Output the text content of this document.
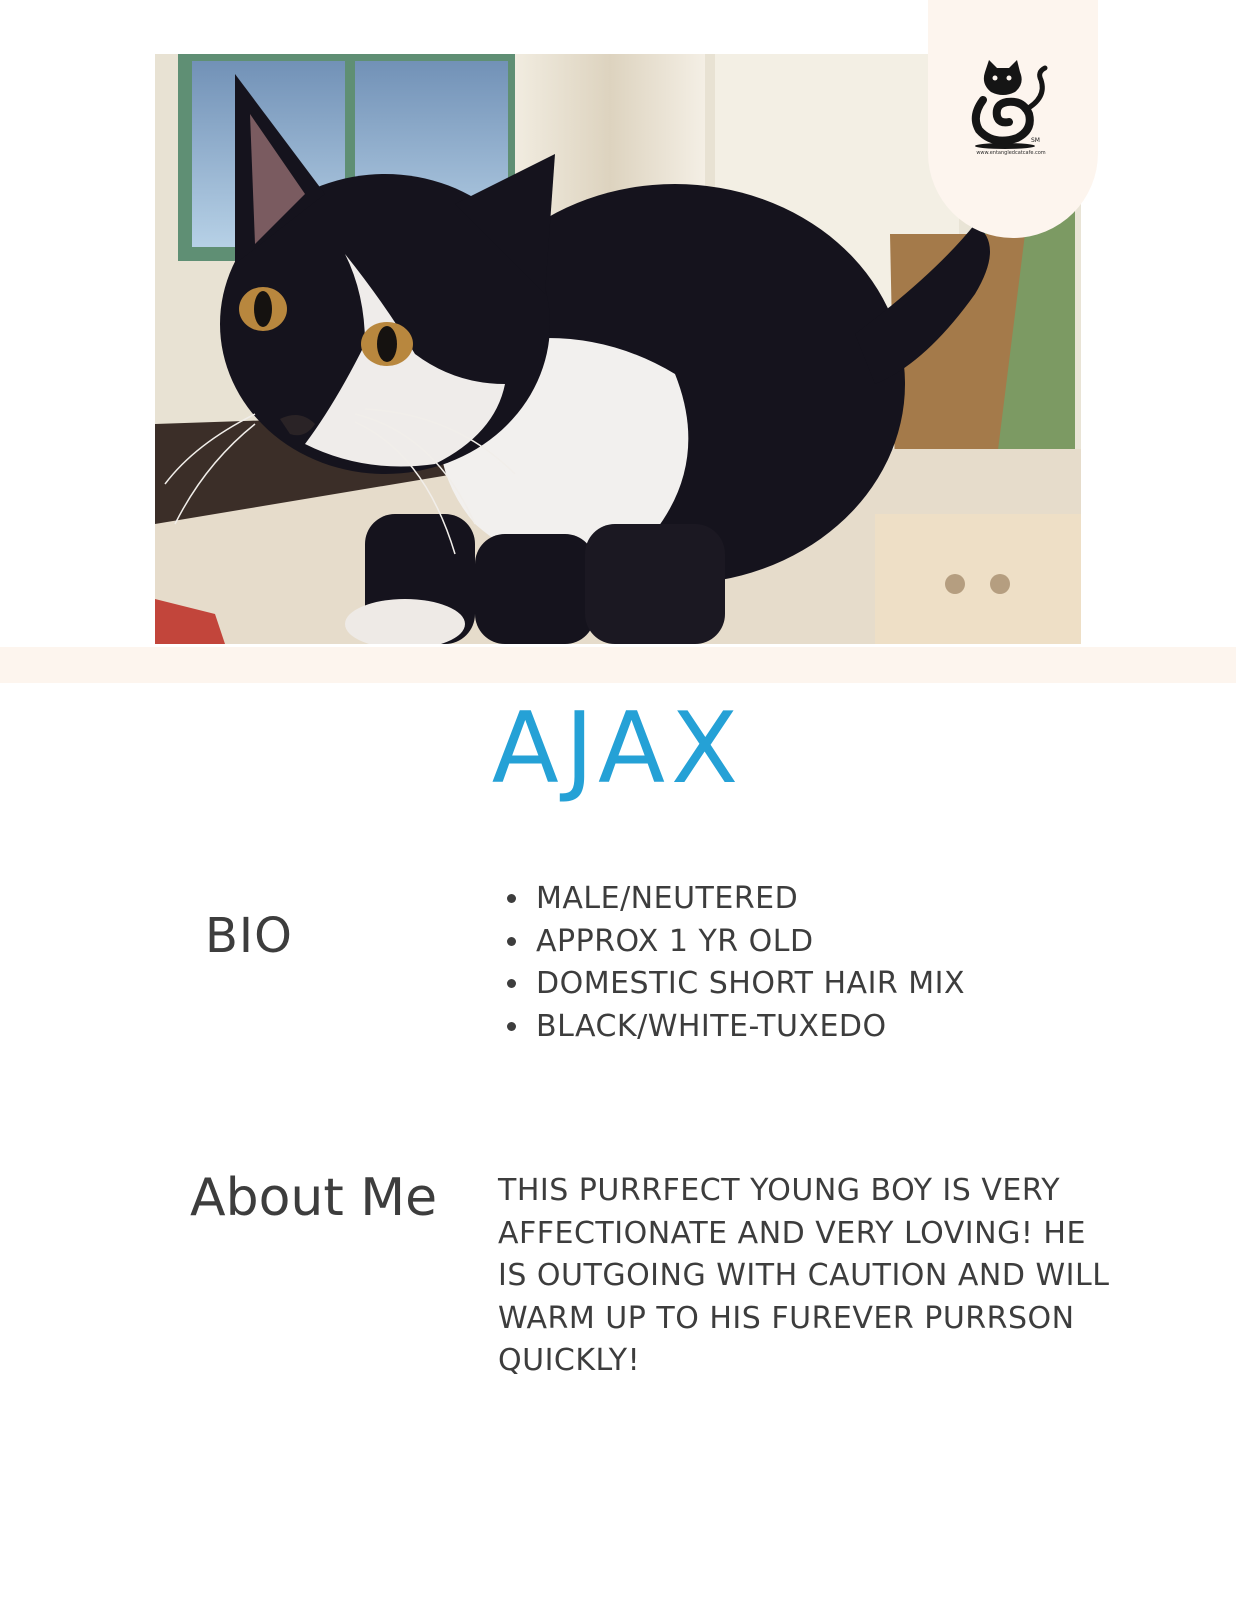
SM
www.entangledcatcafe.com
AJAX
BIO
• MALE/NEUTERED
• APPROX 1 YR OLD
• DOMESTIC SHORT HAIR MIX
• BLACK/WHITE-TUXEDO
About Me THIS PURRFECT YOUNG BOY IS VERY AFFECTIONATE AND VERY LOVING! HE IS OUTGOING WITH CAUTION AND WILL WARM UP TO HIS FUREVER PURRSON QUICKLY!
